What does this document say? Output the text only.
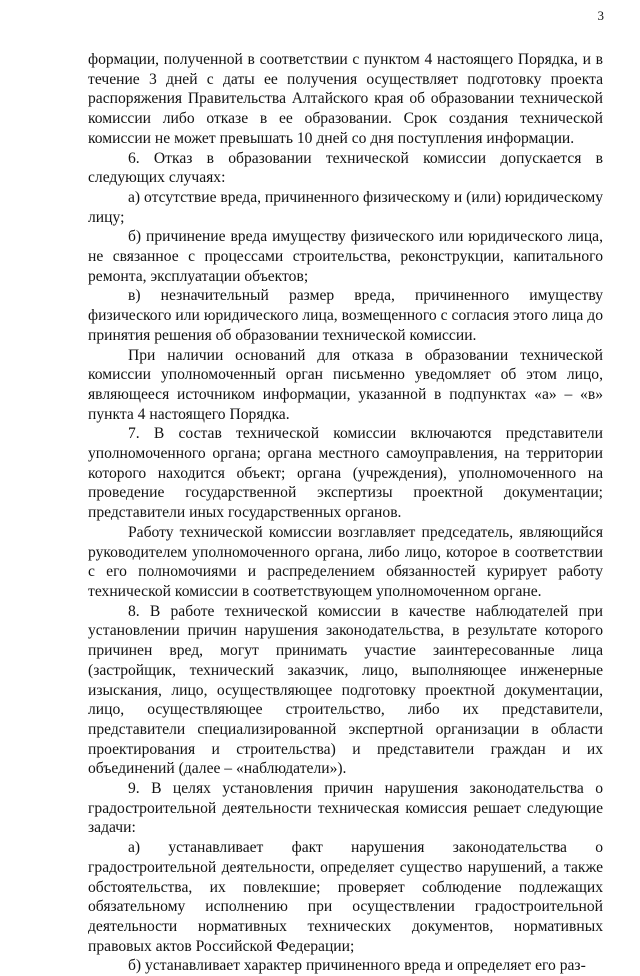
3

формации, полученной в соответствии с пунктом 4 настоящего Порядка, и в течение 3 дней с даты ее получения осуществляет подготовку проекта распоряжения Правительства Алтайского края об образовании технической комиссии либо отказе в ее образовании. Срок создания технической комиссии не может превышать 10 дней со дня поступления информации.

6. Отказ в образовании технической комиссии допускается в следующих случаях:

а) отсутствие вреда, причиненного физическому и (или) юридическому лицу;

б) причинение вреда имуществу физического или юридического лица, не связанное с процессами строительства, реконструкции, капитального ремонта, эксплуатации объектов;

в) незначительный размер вреда, причиненного имуществу физического или юридического лица, возмещенного с согласия этого лица до принятия решения об образовании технической комиссии.

При наличии оснований для отказа в образовании технической комиссии уполномоченный орган письменно уведомляет об этом лицо, являющееся источником информации, указанной в подпунктах «а» – «в» пункта 4 настоящего Порядка.

7. В состав технической комиссии включаются представители уполномоченного органа; органа местного самоуправления, на территории которого находится объект; органа (учреждения), уполномоченного на проведение государственной экспертизы проектной документации; представители иных государственных органов.

Работу технической комиссии возглавляет председатель, являющийся руководителем уполномоченного органа, либо лицо, которое в соответствии с его полномочиями и распределением обязанностей курирует работу технической комиссии в соответствующем уполномоченном органе.

8. В работе технической комиссии в качестве наблюдателей при установлении причин нарушения законодательства, в результате которого причинен вред, могут принимать участие заинтересованные лица (застройщик, технический заказчик, лицо, выполняющее инженерные изыскания, лицо, осуществляющее подготовку проектной документации, лицо, осуществляющее строительство, либо их представители, представители специализированной экспертной организации в области проектирования и строительства) и представители граждан и их объединений (далее – «наблюдатели»).

9. В целях установления причин нарушения законодательства о градостроительной деятельности техническая комиссия решает следующие задачи:

а) устанавливает факт нарушения законодательства о градостроительной деятельности, определяет существо нарушений, а также обстоятельства, их повлекшие; проверяет соблюдение подлежащих обязательному исполнению при осуществлении градостроительной деятельности нормативных технических документов, нормативных правовых актов Российской Федерации;

б) устанавливает характер причиненного вреда и определяет его раз-
